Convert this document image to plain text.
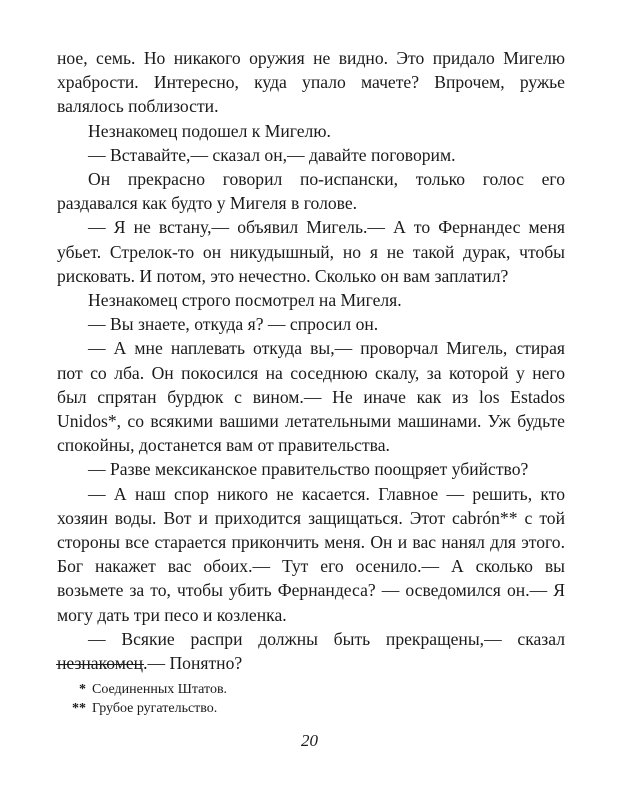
ное, семь. Но никакого оружия не видно. Это придало Мигелю храбрости. Интересно, куда упало мачете? Впрочем, ружье валялось поблизости.

Незнакомец подошел к Мигелю.

— Вставайте,— сказал он,— давайте поговорим.

Он прекрасно говорил по-испански, только голос его раздавался как будто у Мигеля в голове.

— Я не встану,— объявил Мигель.— А то Фернандес меня убьет. Стрелок-то он никудышный, но я не такой дурак, чтобы рисковать. И потом, это нечестно. Сколько он вам заплатил?

Незнакомец строго посмотрел на Мигеля.

— Вы знаете, откуда я? — спросил он.

— А мне наплевать откуда вы,— проворчал Мигель, стирая пот со лба. Он покосился на соседнюю скалу, за которой у него был спрятан бурдюк с вином.— Не иначе как из los Estados Unidos*, со всякими вашими летательными машинами. Уж будьте спокойны, достанется вам от правительства.

— Разве мексиканское правительство поощряет убийство?

— А наш спор никого не касается. Главное — решить, кто хозяин воды. Вот и приходится защищаться. Этот cabrón** с той стороны все старается прикончить меня. Он и вас нанял для этого. Бог накажет вас обоих.— Тут его осенило.— А сколько вы возьмете за то, чтобы убить Фернандеса? — осведомился он.— Я могу дать три песо и козленка.

— Всякие распри должны быть прекращены,— сказал незнакомец.— Понятно?

* Соединенных Штатов.
** Грубое ругательство.
20
